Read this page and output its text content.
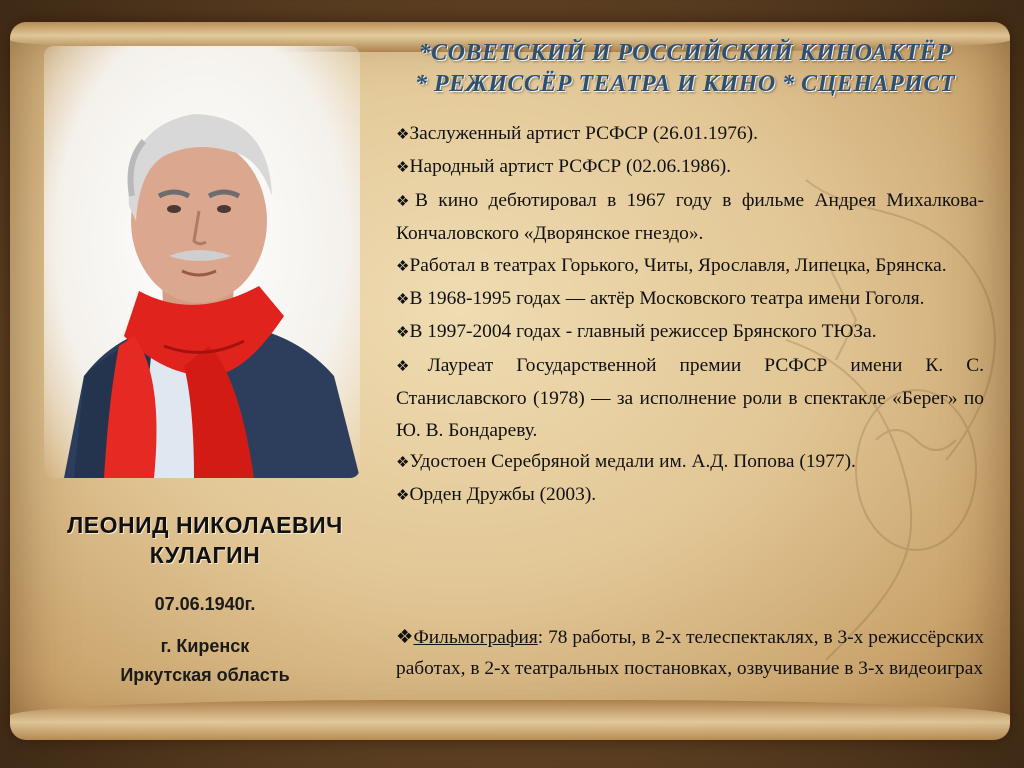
ЛЕОНИД НИКОЛАЕВИЧ
КУЛАГИН
07.06.1940г.
г. Киренск
Иркутская область
*СОВЕТСКИЙ И РОССИЙСКИЙ КИНОАКТЁР
* РЕЖИССЁР ТЕАТРА И КИНО * СЦЕНАРИСТ
❖Заслуженный артист РСФСР (26.01.1976).
❖Народный артист РСФСР (02.06.1986).
❖В кино дебютировал в 1967 году в фильме Андрея Михалкова-Кончаловского «Дворянское гнездо».
❖Работал в театрах Горького, Читы, Ярославля, Липецка, Брянска.
❖В 1968-1995 годах — актёр Московского театра имени Гоголя.
❖В 1997-2004 годах - главный режиссер Брянского ТЮЗа.
❖Лауреат Государственной премии РСФСР имени К. С. Станиславского (1978) — за исполнение роли в спектакле «Берег» по Ю. В. Бондареву.
❖Удостоен Серебряной медали им. А.Д. Попова (1977).
❖Орден Дружбы (2003).
❖Фильмография: 78 работы, в 2-х телеспектаклях, в 3-х режиссёрских работах, в 2-х театральных постановках, озвучивание в 3-х видеоиграх
